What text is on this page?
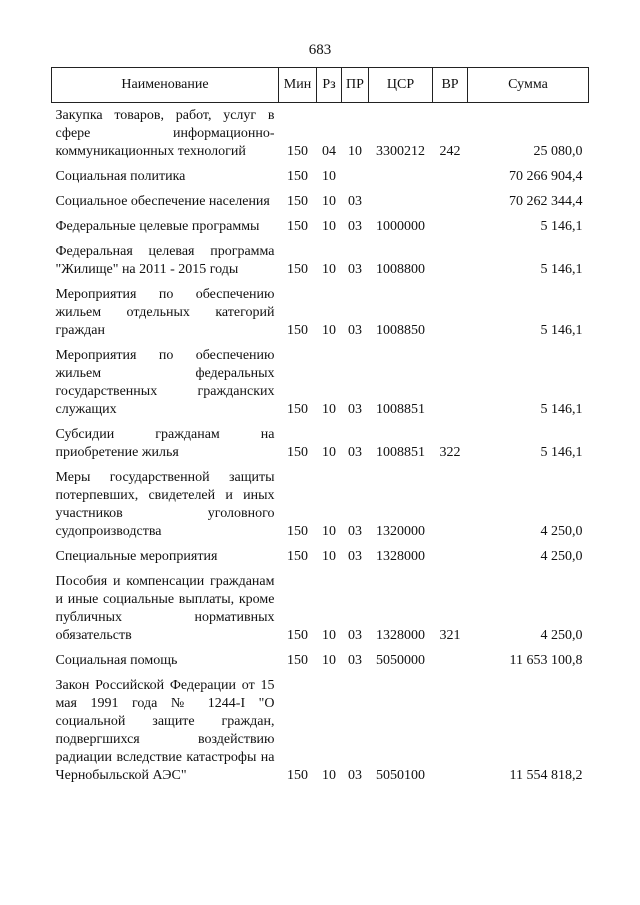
683
Наименование	Мин	Рз	ПР	ЦСР	ВР	Сумма
Закупка товаров, работ, услуг в сфере информационно-коммуникационных технологий	150	04	10	3300212	242	25 080,0
Социальная политика	150	10				70 266 904,4
Социальное обеспечение населения	150	10	03			70 262 344,4
Федеральные целевые программы	150	10	03	1000000		5 146,1
Федеральная целевая программа "Жилище" на 2011 - 2015 годы	150	10	03	1008800		5 146,1
Мероприятия по обеспечению жильем отдельных категорий граждан	150	10	03	1008850		5 146,1
Мероприятия по обеспечению жильем федеральных государственных гражданских служащих	150	10	03	1008851		5 146,1
Субсидии гражданам на приобретение жилья	150	10	03	1008851	322	5 146,1
Меры государственной защиты потерпевших, свидетелей и иных участников уголовного судопроизводства	150	10	03	1320000		4 250,0
Специальные мероприятия	150	10	03	1328000		4 250,0
Пособия и компенсации гражданам и иные социальные выплаты, кроме публичных нормативных обязательств	150	10	03	1328000	321	4 250,0
Социальная помощь	150	10	03	5050000		11 653 100,8
Закон Российской Федерации от 15 мая 1991 года № 1244-I "О социальной защите граждан, подвергшихся воздействию радиации вследствие катастрофы на Чернобыльской АЭС"	150	10	03	5050100		11 554 818,2
